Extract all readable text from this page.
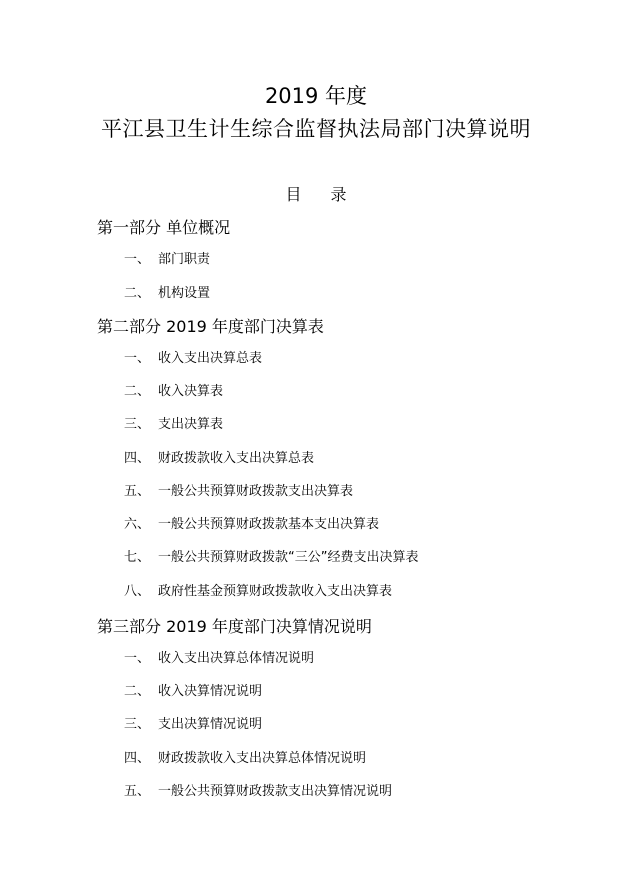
2019 年度
平江县卫生计生综合监督执法局部门决算说明
目 录
第一部分 单位概况
一、 部门职责
二、 机构设置
第二部分 2019 年度部门决算表
一、 收入支出决算总表
二、 收入决算表
三、 支出决算表
四、 财政拨款收入支出决算总表
五、 一般公共预算财政拨款支出决算表
六、 一般公共预算财政拨款基本支出决算表
七、 一般公共预算财政拨款“三公”经费支出决算表
八、 政府性基金预算财政拨款收入支出决算表
第三部分 2019 年度部门决算情况说明
一、 收入支出决算总体情况说明
二、 收入决算情况说明
三、 支出决算情况说明
四、 财政拨款收入支出决算总体情况说明
五、 一般公共预算财政拨款支出决算情况说明
